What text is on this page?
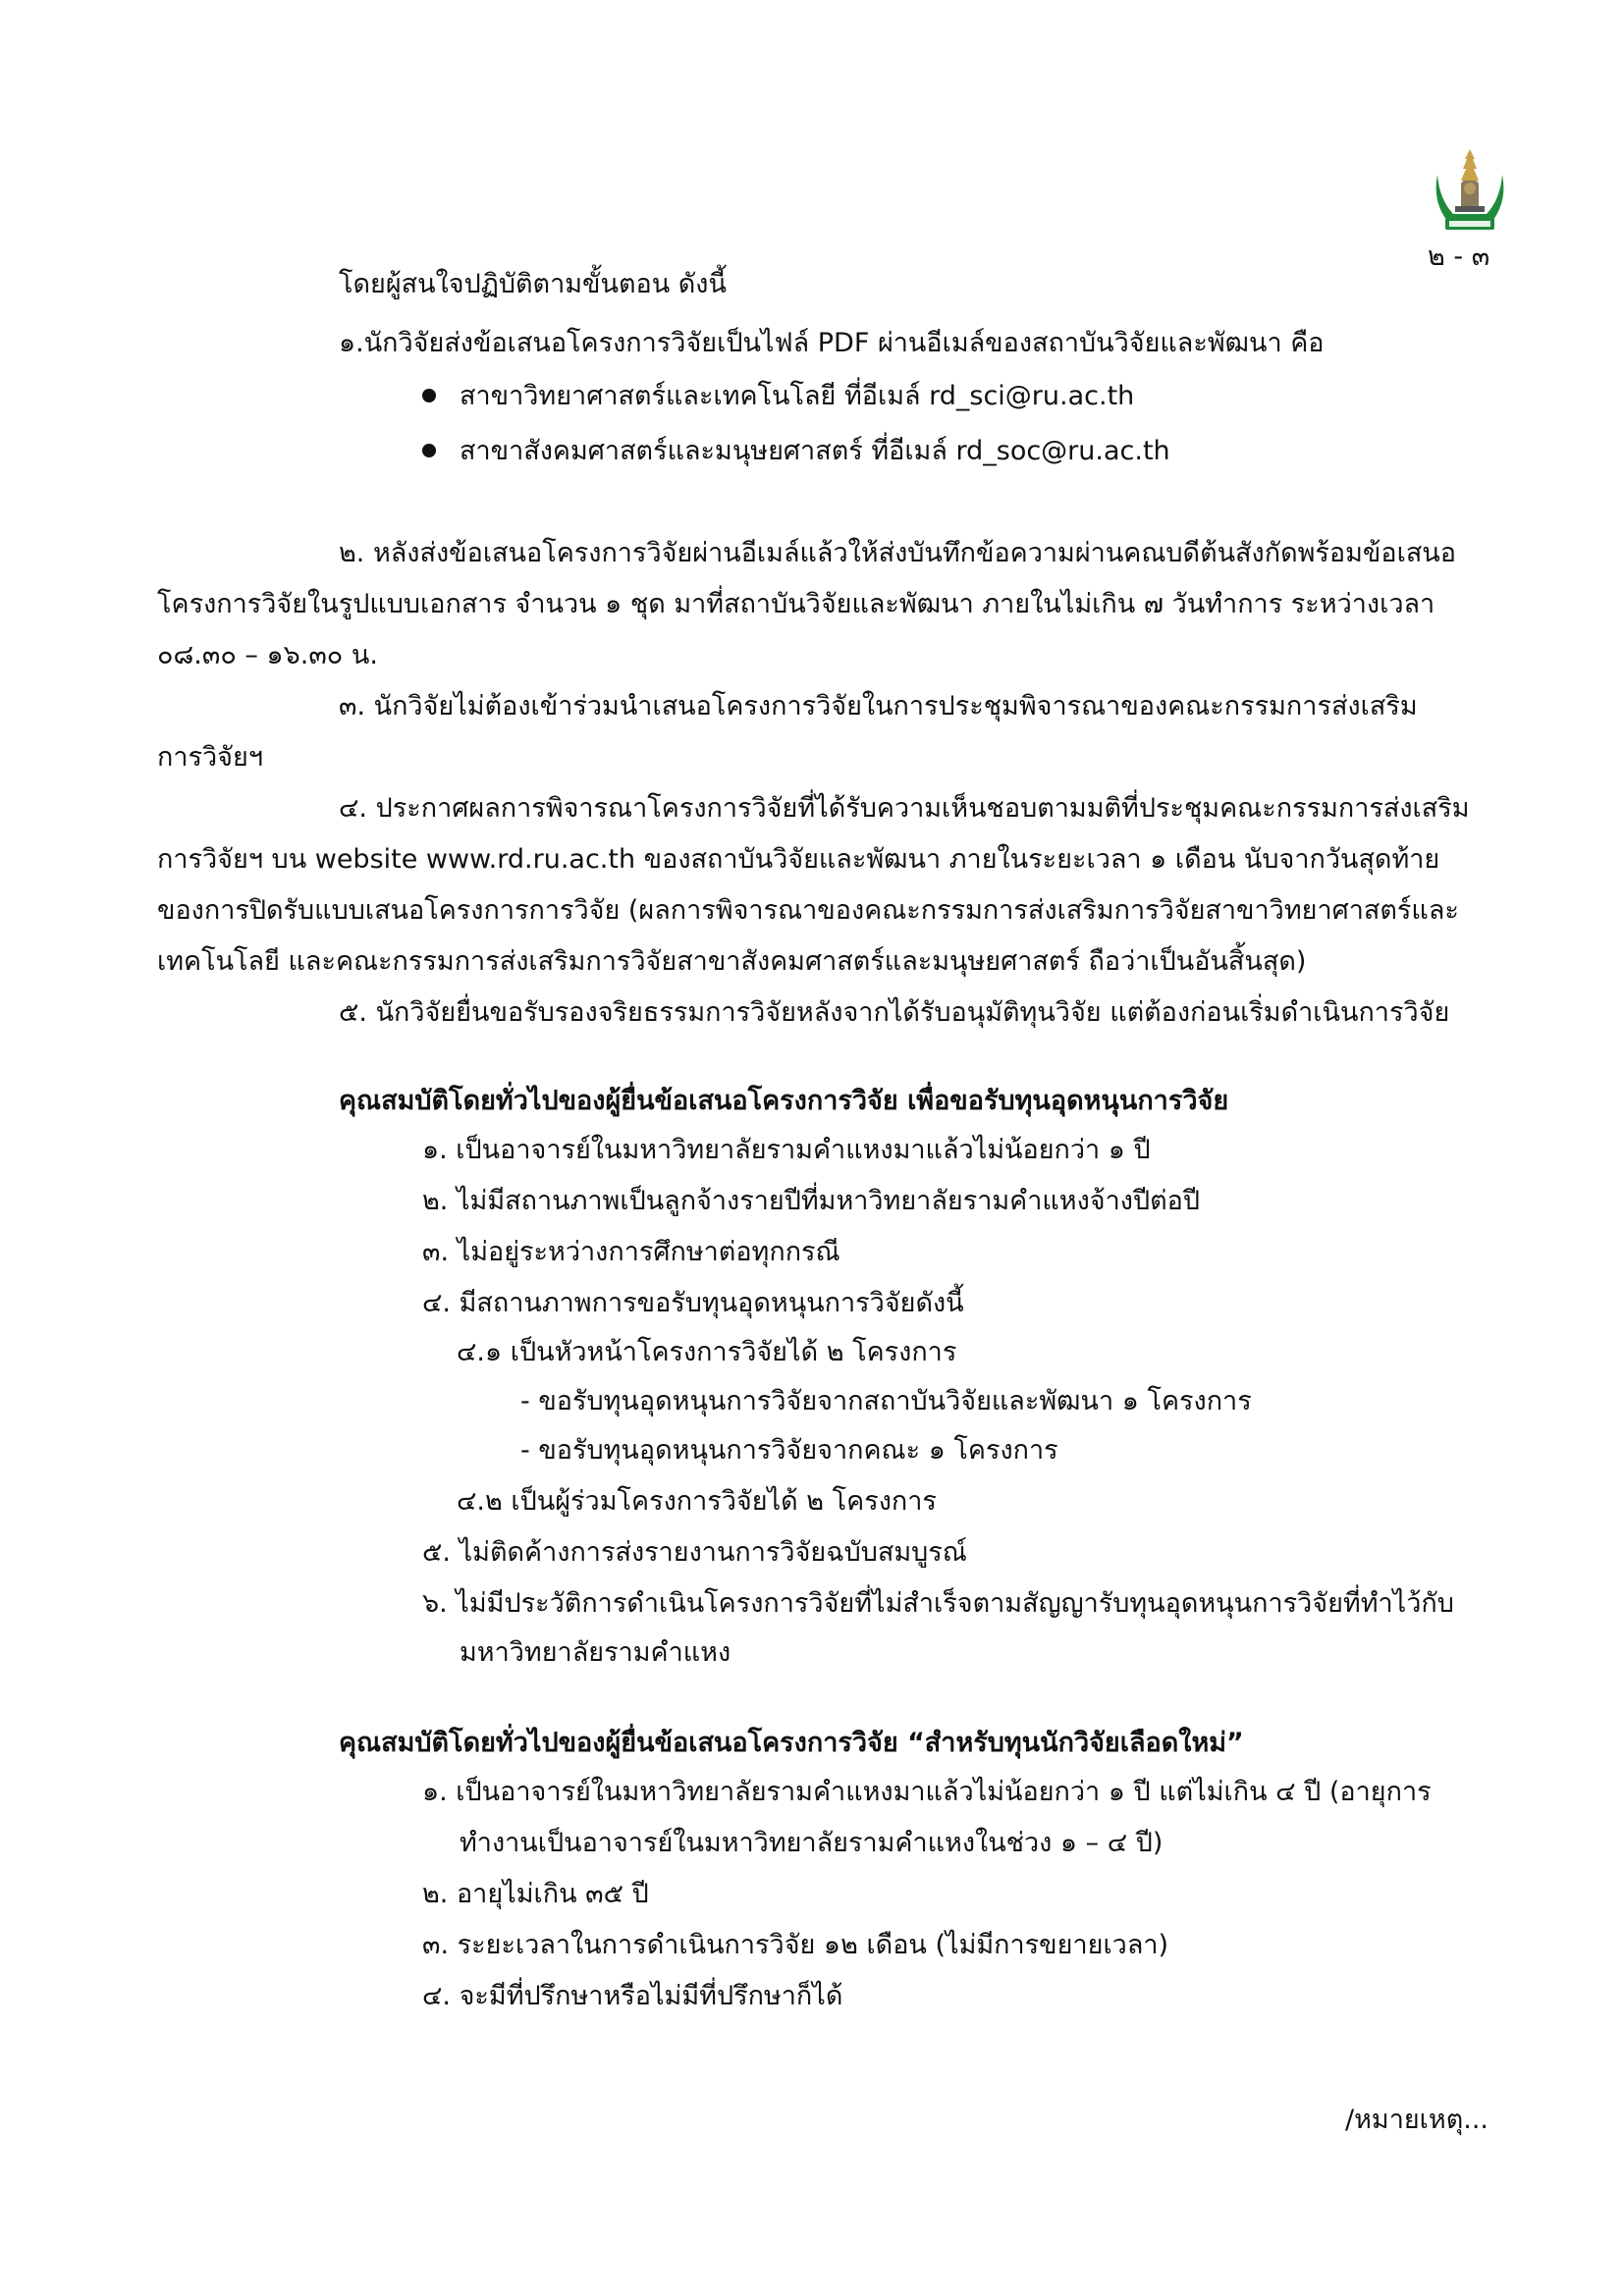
๒ - ๓
โดยผู้สนใจปฏิบัติตามขั้นตอน ดังนี้
๑.นักวิจัยส่งข้อเสนอโครงการวิจัยเป็นไฟล์ PDF ผ่านอีเมล์ของสถาบันวิจัยและพัฒนา คือ
สาขาวิทยาศาสตร์และเทคโนโลยี ที่อีเมล์ rd_sci@ru.ac.th
สาขาสังคมศาสตร์และมนุษยศาสตร์ ที่อีเมล์ rd_soc@ru.ac.th
๒. หลังส่งข้อเสนอโครงการวิจัยผ่านอีเมล์แล้วให้ส่งบันทึกข้อความผ่านคณบดีต้นสังกัดพร้อมข้อเสนอ
โครงการวิจัยในรูปแบบเอกสาร จำนวน ๑ ชุด มาที่สถาบันวิจัยและพัฒนา ภายในไม่เกิน ๗ วันทำการ ระหว่างเวลา
๐๘.๓๐ – ๑๖.๓๐ น.
๓. นักวิจัยไม่ต้องเข้าร่วมนำเสนอโครงการวิจัยในการประชุมพิจารณาของคณะกรรมการส่งเสริม
การวิจัยฯ
๔. ประกาศผลการพิจารณาโครงการวิจัยที่ได้รับความเห็นชอบตามมติที่ประชุมคณะกรรมการส่งเสริม
การวิจัยฯ บน website www.rd.ru.ac.th ของสถาบันวิจัยและพัฒนา ภายในระยะเวลา ๑ เดือน นับจากวันสุดท้าย
ของการปิดรับแบบเสนอโครงการการวิจัย (ผลการพิจารณาของคณะกรรมการส่งเสริมการวิจัยสาขาวิทยาศาสตร์และ
เทคโนโลยี และคณะกรรมการส่งเสริมการวิจัยสาขาสังคมศาสตร์และมนุษยศาสตร์ ถือว่าเป็นอันสิ้นสุด)
๕. นักวิจัยยื่นขอรับรองจริยธรรมการวิจัยหลังจากได้รับอนุมัติทุนวิจัย แต่ต้องก่อนเริ่มดำเนินการวิจัย
คุณสมบัติโดยทั่วไปของผู้ยื่นข้อเสนอโครงการวิจัย เพื่อขอรับทุนอุดหนุนการวิจัย
๑. เป็นอาจารย์ในมหาวิทยาลัยรามคำแหงมาแล้วไม่น้อยกว่า ๑ ปี
๒. ไม่มีสถานภาพเป็นลูกจ้างรายปีที่มหาวิทยาลัยรามคำแหงจ้างปีต่อปี
๓. ไม่อยู่ระหว่างการศึกษาต่อทุกกรณี
๔. มีสถานภาพการขอรับทุนอุดหนุนการวิจัยดังนี้
๔.๑ เป็นหัวหน้าโครงการวิจัยได้ ๒ โครงการ
- ขอรับทุนอุดหนุนการวิจัยจากสถาบันวิจัยและพัฒนา ๑ โครงการ
- ขอรับทุนอุดหนุนการวิจัยจากคณะ ๑ โครงการ
๔.๒ เป็นผู้ร่วมโครงการวิจัยได้ ๒ โครงการ
๕. ไม่ติดค้างการส่งรายงานการวิจัยฉบับสมบูรณ์
๖. ไม่มีประวัติการดำเนินโครงการวิจัยที่ไม่สำเร็จตามสัญญารับทุนอุดหนุนการวิจัยที่ทำไว้กับ
มหาวิทยาลัยรามคำแหง
คุณสมบัติโดยทั่วไปของผู้ยื่นข้อเสนอโครงการวิจัย “สำหรับทุนนักวิจัยเลือดใหม่”
๑. เป็นอาจารย์ในมหาวิทยาลัยรามคำแหงมาแล้วไม่น้อยกว่า ๑ ปี แต่ไม่เกิน ๔ ปี (อายุการ
ทำงานเป็นอาจารย์ในมหาวิทยาลัยรามคำแหงในช่วง ๑ – ๔ ปี)
๒. อายุไม่เกิน ๓๕ ปี
๓. ระยะเวลาในการดำเนินการวิจัย ๑๒ เดือน (ไม่มีการขยายเวลา)
๔. จะมีที่ปรึกษาหรือไม่มีที่ปรึกษาก็ได้
/หมายเหตุ...
